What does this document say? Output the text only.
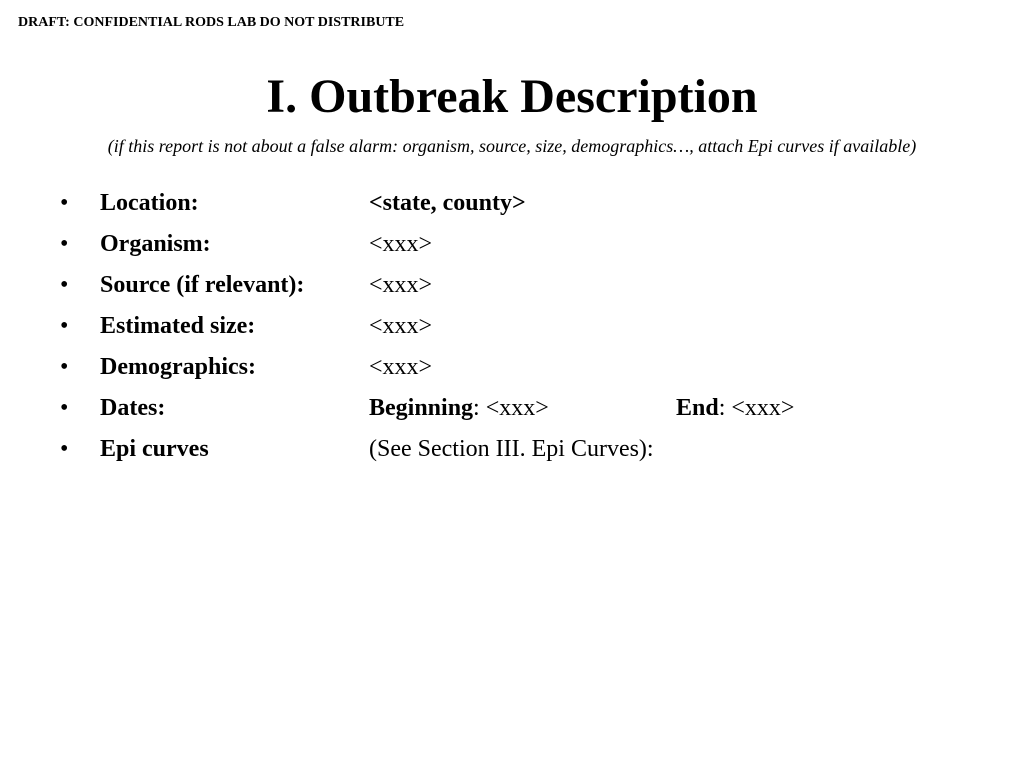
DRAFT: CONFIDENTIAL RODS LAB DO NOT DISTRIBUTE
I. Outbreak Description
(if this report is not about a false alarm: organism, source, size, demographics…, attach Epi curves if available)
•	Location:	<state, county>
•	Organism:	<xxx>
•	Source (if relevant):	<xxx>
•	Estimated size:	<xxx>
•	Demographics:	<xxx>
•	Dates:	Beginning: <xxx>	End: <xxx>
•	Epi curves	(See Section III. Epi Curves):
